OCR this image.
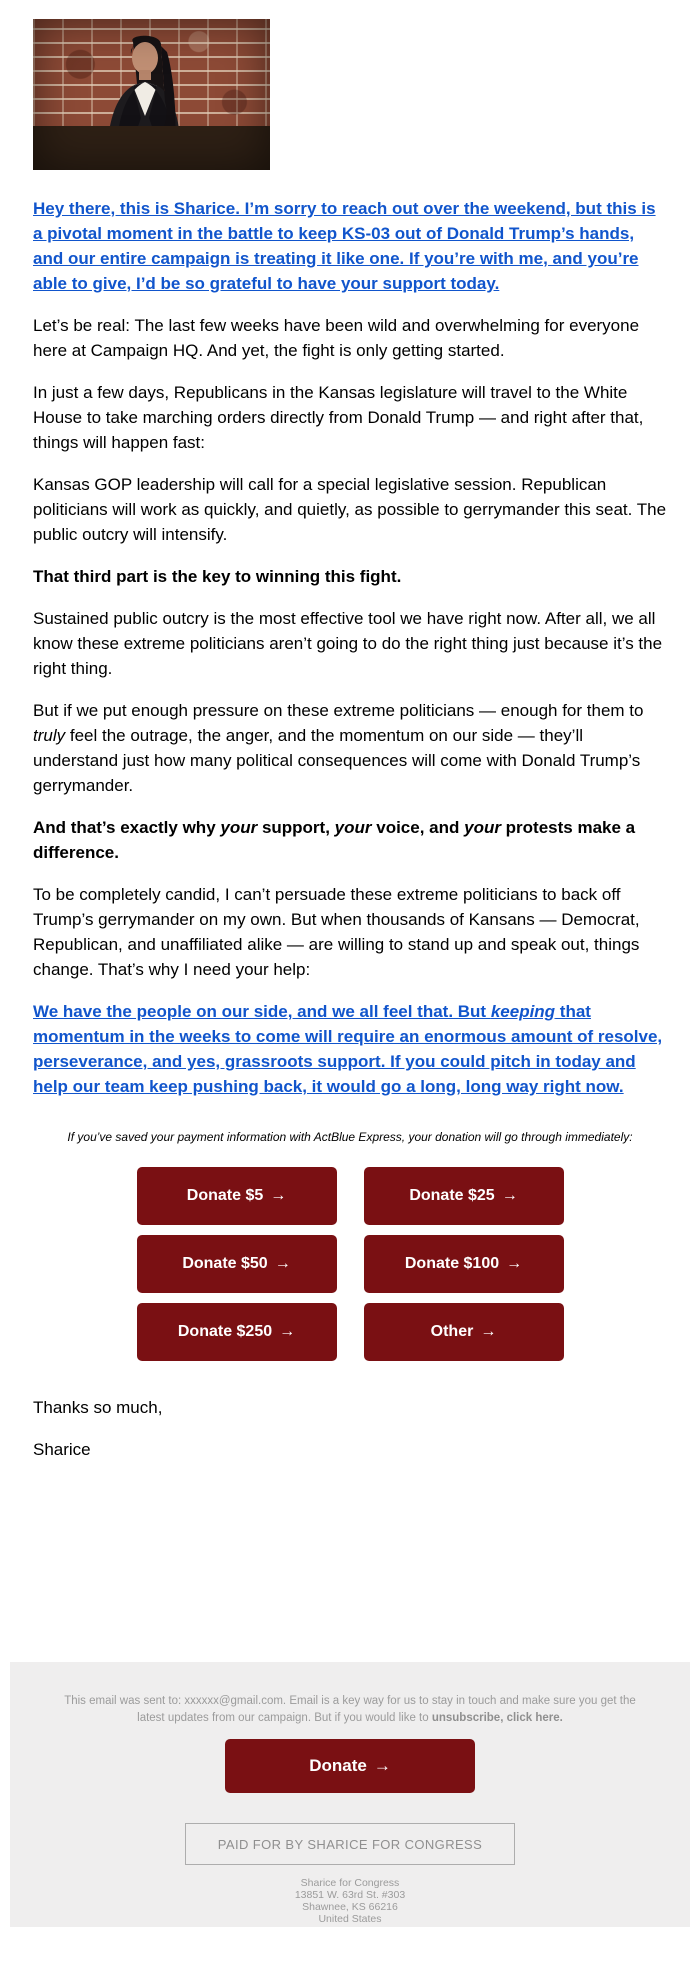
Hey there, this is Sharice. I’m sorry to reach out over the weekend, but this is a pivotal moment in the battle to keep KS-03 out of Donald Trump’s hands, and our entire campaign is treating it like one. If you’re with me, and you’re able to give, I’d be so grateful to have your support today.

Let’s be real: The last few weeks have been wild and overwhelming for everyone here at Campaign HQ. And yet, the fight is only getting started.

In just a few days, Republicans in the Kansas legislature will travel to the White House to take marching orders directly from Donald Trump — and right after that, things will happen fast:

Kansas GOP leadership will call for a special legislative session. Republican politicians will work as quickly, and quietly, as possible to gerrymander this seat. The public outcry will intensify.

That third part is the key to winning this fight.

Sustained public outcry is the most effective tool we have right now. After all, we all know these extreme politicians aren’t going to do the right thing just because it’s the right thing.

But if we put enough pressure on these extreme politicians — enough for them to truly feel the outrage, the anger, and the momentum on our side — they’ll understand just how many political consequences will come with Donald Trump’s gerrymander.

And that’s exactly why your support, your voice, and your protests make a difference.

To be completely candid, I can’t persuade these extreme politicians to back off Trump’s gerrymander on my own. But when thousands of Kansans — Democrat, Republican, and unaffiliated alike — are willing to stand up and speak out, things change. That’s why I need your help:

We have the people on our side, and we all feel that. But keeping that momentum in the weeks to come will require an enormous amount of resolve, perseverance, and yes, grassroots support. If you could pitch in today and help our team keep pushing back, it would go a long, long way right now.

If you’ve saved your payment information with ActBlue Express, your donation will go through immediately:

Donate $5 →	Donate $25 →
Donate $50 →	Donate $100 →
Donate $250 →	Other →

Thanks so much,

Sharice

This email was sent to: xxxxxx@gmail.com. Email is a key way for us to stay in touch and make sure you get the latest updates from our campaign. But if you would like to unsubscribe, click here.

Donate →
PAID FOR BY SHARICE FOR CONGRESS
Sharice for Congress
13851 W. 63rd St. #303
Shawnee, KS 66216
United States
